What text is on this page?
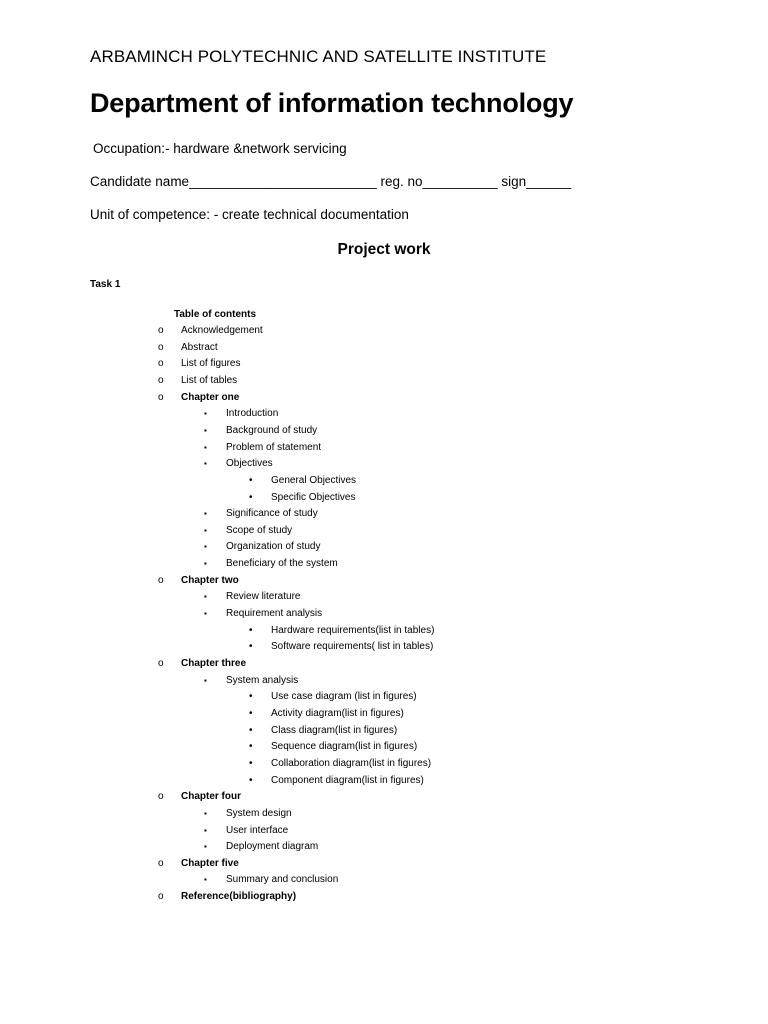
ARBAMINCH POLYTECHNIC AND SATELLITE INSTITUTE
Department of information technology
Occupation:- hardware &network servicing
Candidate name_________________________ reg. no__________ sign______
Unit of competence: - create technical documentation
Project work
Task 1
Table of contents
o Acknowledgement
o Abstract
o List of figures
o List of tables
o Chapter one
▪ Introduction
▪ Background of study
▪ Problem of statement
▪ Objectives
• General Objectives
• Specific Objectives
▪ Significance of study
▪ Scope of study
▪ Organization of study
▪ Beneficiary of the system
o Chapter two
▪ Review literature
▪ Requirement analysis
• Hardware requirements(list in tables)
• Software requirements( list in tables)
o Chapter three
▪ System analysis
• Use case diagram (list in figures)
• Activity diagram(list in figures)
• Class diagram(list in figures)
• Sequence diagram(list in figures)
• Collaboration diagram(list in figures)
• Component diagram(list in figures)
o Chapter four
▪ System design
▪ User interface
▪ Deployment diagram
o Chapter five
▪ Summary and conclusion
o Reference(bibliography)
